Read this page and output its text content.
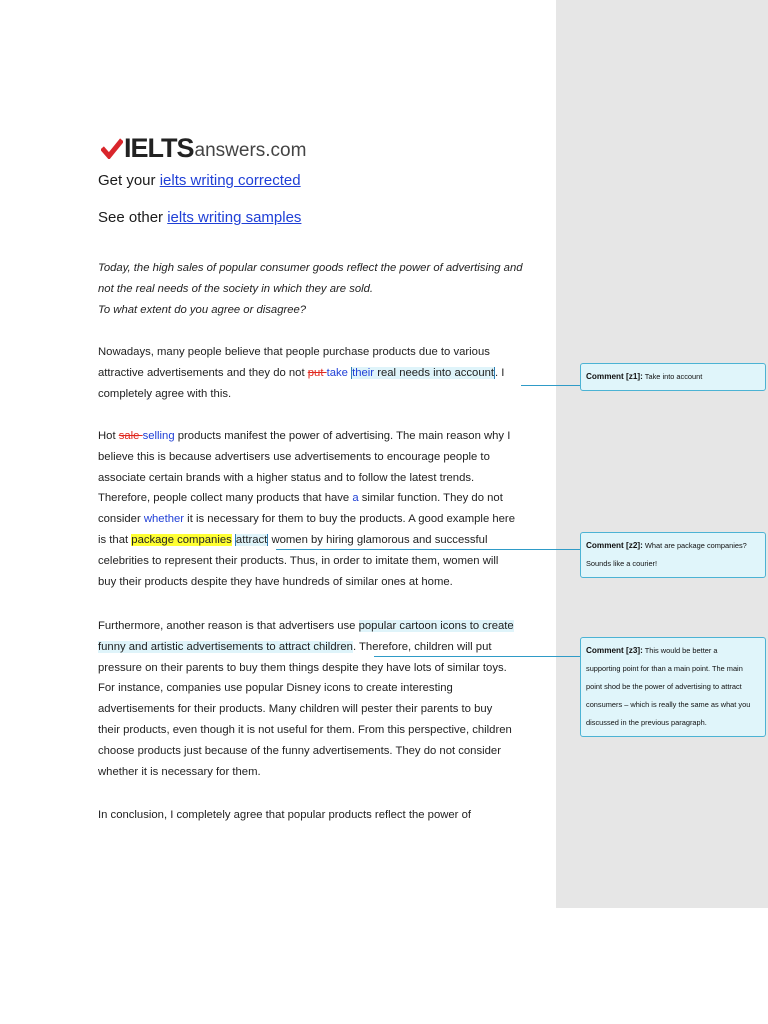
IELTS answers.com
Get your ielts writing corrected
See other ielts writing samples

Today, the high sales of popular consumer goods reflect the power of advertising and

not the real needs of the society in which they are sold.

To what extent do you agree or disagree?

Nowadays, many people believe that people purchase products due to various

attractive advertisements and they do not put take their real needs into account. I

completely agree with this.

Hot sale selling products manifest the power of advertising. The main reason why I

believe this is because advertisers use advertisements to encourage people to

associate certain brands with a higher status and to follow the latest trends.

Therefore, people collect many products that have a similar function. They do not

consider whether it is necessary for them to buy the products. A good example here

is that package companies attract women by hiring glamorous and successful

celebrities to represent their products. Thus, in order to imitate them, women will

buy their products despite they have hundreds of similar ones at home.

Furthermore, another reason is that advertisers use popular cartoon icons to create

funny and artistic advertisements to attract children. Therefore, children will put

pressure on their parents to buy them things despite they have lots of similar toys.

For instance, companies use popular Disney icons to create interesting

advertisements for their products. Many children will pester their parents to buy

their products, even though it is not useful for them. From this perspective, children

choose products just because of the funny advertisements. They do not consider

whether it is necessary for them.

In conclusion, I completely agree that popular products reflect the power of

Comment [z1]: Take into account
Comment [z2]: What are package companies?
Sounds like a courier!
Comment [z3]: This would be better a
supporting point for than a main point. The main
point shod be the power of advertising to attract
consumers – which is really the same as what you
discussed in the previous paragraph.
